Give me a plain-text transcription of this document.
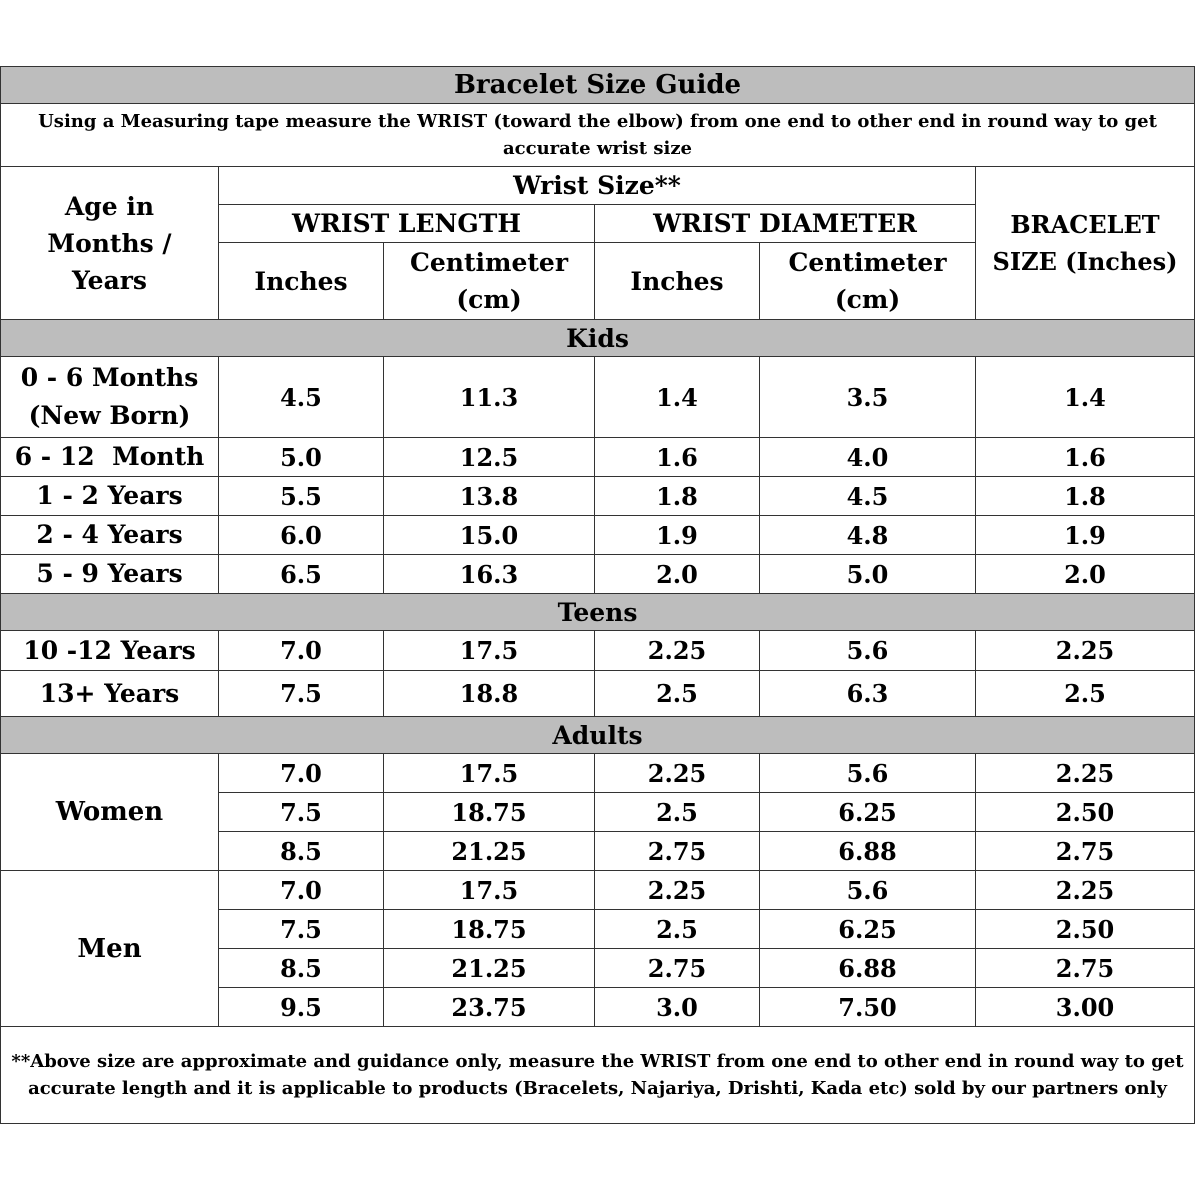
Bracelet Size Guide					
Using a Measuring tape measure the WRIST (toward the elbow) from one end to other end in round way to get accurate wrist size					
Age in Months / Years	Wrist Size**				BRACELET SIZE (Inches)
	WRIST LENGTH		WRIST DIAMETER		
	Inches	Centimeter (cm)	Inches	Centimeter (cm)	
Kids					
0 - 6 Months (New Born)	4.5	11.3	1.4	3.5	1.4
6 - 12  Month	5.0	12.5	1.6	4.0	1.6
1 - 2 Years	5.5	13.8	1.8	4.5	1.8
2 - 4 Years	6.0	15.0	1.9	4.8	1.9
5 - 9 Years	6.5	16.3	2.0	5.0	2.0
Teens					
10 -12 Years	7.0	17.5	2.25	5.6	2.25
13+ Years	7.5	18.8	2.5	6.3	2.5
Adults					
Women	7.0	17.5	2.25	5.6	2.25
	7.5	18.75	2.5	6.25	2.50
	8.5	21.25	2.75	6.88	2.75
Men	7.0	17.5	2.25	5.6	2.25
	7.5	18.75	2.5	6.25	2.50
	8.5	21.25	2.75	6.88	2.75
	9.5	23.75	3.0	7.50	3.00
**Above size are approximate and guidance only, measure the WRIST from one end to other end in round way to get accurate length and it is applicable to products (Bracelets, Najariya, Drishti, Kada etc) sold by our partners only					
